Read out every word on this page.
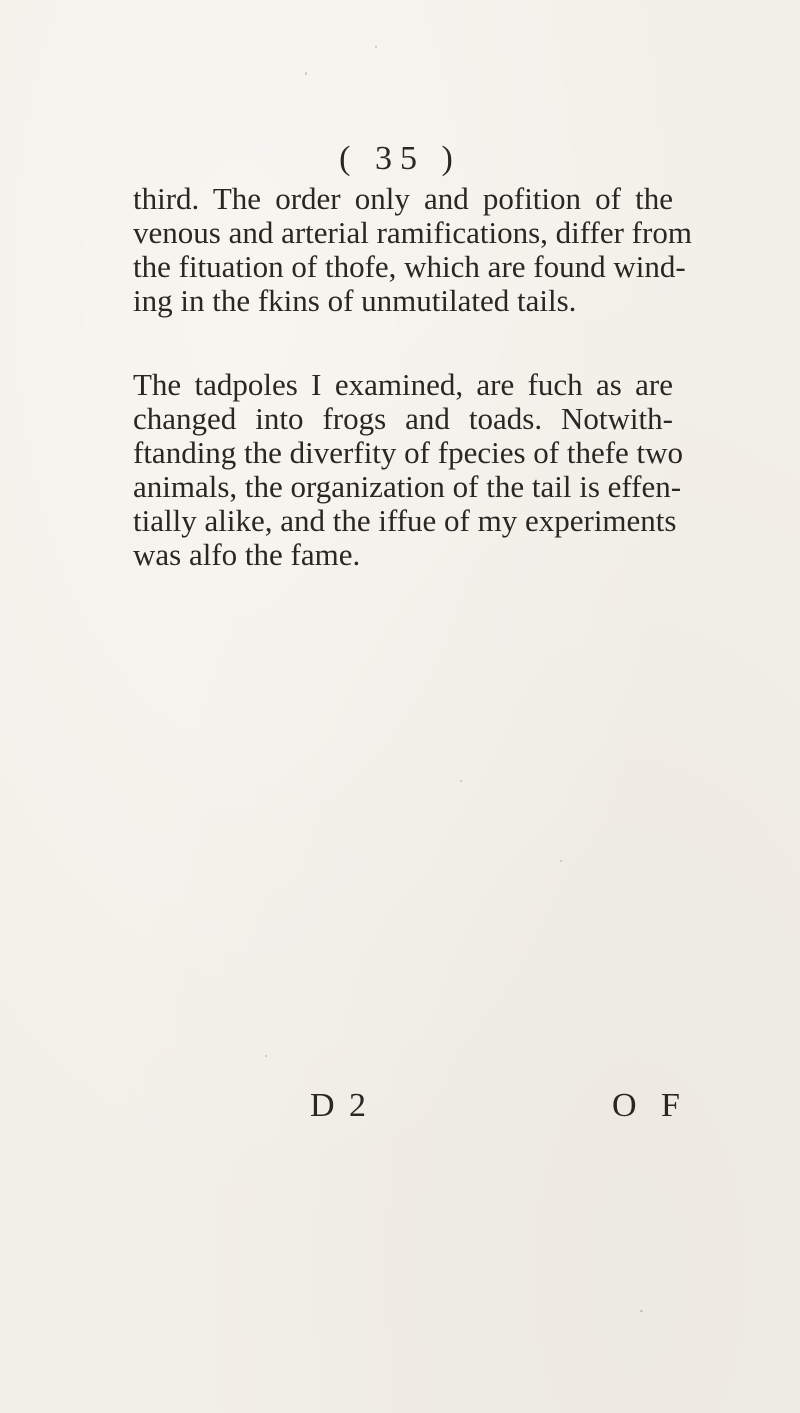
( 35 )

third. The order only and pofition of the
venous and arterial ramifications, differ from
the fituation of thofe, which are found wind-
ing in the fkins of unmutilated tails.

The tadpoles I examined, are fuch as are
changed into frogs and toads. Notwith-
ftanding the diverfity of fpecies of thefe two
animals, the organization of the tail is effen-
tially alike, and the iffue of my experiments
was alfo the fame.

D 2	O F
